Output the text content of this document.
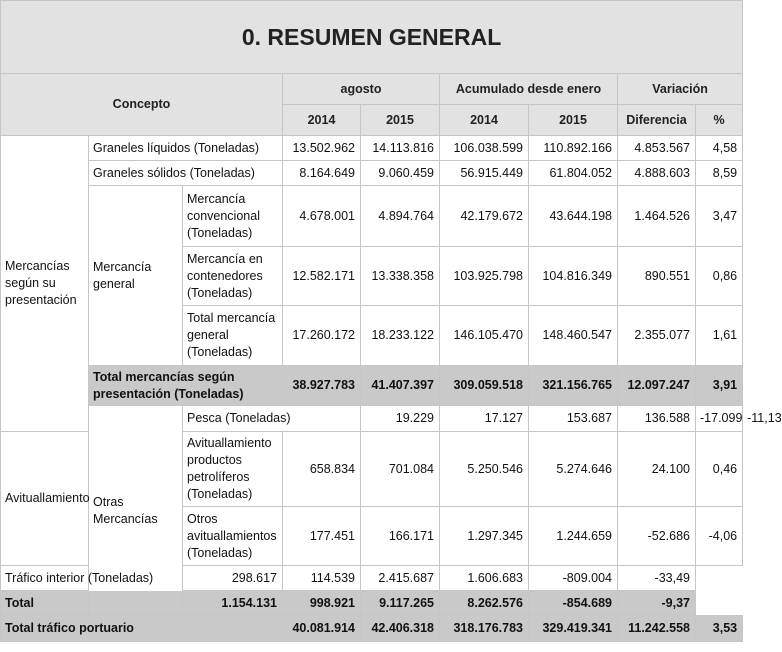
0. RESUMEN GENERAL									
Concepto			agosto		Acumulado desde enero		Variación		
			2014	2015	2014	2015	Diferencia	%	
Mercancías según su presentación	Graneles líquidos (Toneladas)		13.502.962	14.113.816	106.038.599	110.892.166	4.853.567	4,58	
	Graneles sólidos (Toneladas)		8.164.649	9.060.459	56.915.449	61.804.052	4.888.603	8,59	
	Mercancía general	Mercancía convencional (Toneladas)	4.678.001	4.894.764	42.179.672	43.644.198	1.464.526	3,47	
		Mercancía en contenedores (Toneladas)	12.582.171	13.338.358	103.925.798	104.816.349	890.551	0,86	
		Total mercancía general (Toneladas)	17.260.172	18.233.122	146.105.470	148.460.547	2.355.077	1,61	
	Total mercancías según presentación (Toneladas)		38.927.783	41.407.397	309.059.518	321.156.765	12.097.247	3,91	
	Otras Mercancías	Pesca (Toneladas)		19.229	17.127	153.687	136.588	-17.099	-11,13
Avituallamiento		Avituallamiento productos petrolíferos (Toneladas)	658.834	701.084	5.250.546	5.274.646	24.100	0,46	
		Otros avituallamientos (Toneladas)	177.451	166.171	1.297.345	1.244.659	-52.686	-4,06	
Tráfico interior (Toneladas)		298.617	114.539	2.415.687	1.606.683	-809.004	-33,49		
Total		1.154.131	998.921	9.117.265	8.262.576	-854.689	-9,37		

Total tráfico portuario			40.081.914	42.406.318	318.176.783	329.419.341	11.242.558	3,53	
